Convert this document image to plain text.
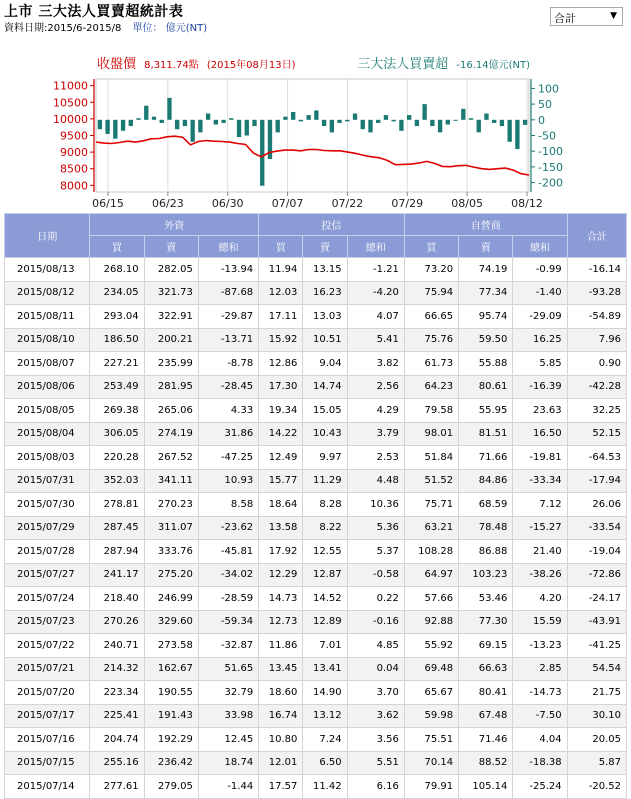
上市 三大法人買賣超統計表
資料日期:2015/6-2015/8 單位： 億元(NT)
合計	▼
11000
10500
10000
9500
9000
8500
8000
100
50
0
-50
-100
-150
-200
06/15	06/23	06/30	07/07	07/22	07/29	08/05	08/12
收盤價 8,311.74點 (2015年08月13日)	三大法人買賣超 -16.14億元(NT)
日期	外資			投信			自營商			合計
	買	賣	總和	買	賣	總和	買	賣	總和	
2015/08/13	268.10	282.05	-13.94	11.94	13.15	-1.21	73.20	74.19	-0.99	-16.14
2015/08/12	234.05	321.73	-87.68	12.03	16.23	-4.20	75.94	77.34	-1.40	-93.28
2015/08/11	293.04	322.91	-29.87	17.11	13.03	4.07	66.65	95.74	-29.09	-54.89
2015/08/10	186.50	200.21	-13.71	15.92	10.51	5.41	75.76	59.50	16.25	7.96
2015/08/07	227.21	235.99	-8.78	12.86	9.04	3.82	61.73	55.88	5.85	0.90
2015/08/06	253.49	281.95	-28.45	17.30	14.74	2.56	64.23	80.61	-16.39	-42.28
2015/08/05	269.38	265.06	4.33	19.34	15.05	4.29	79.58	55.95	23.63	32.25
2015/08/04	306.05	274.19	31.86	14.22	10.43	3.79	98.01	81.51	16.50	52.15
2015/08/03	220.28	267.52	-47.25	12.49	9.97	2.53	51.84	71.66	-19.81	-64.53
2015/07/31	352.03	341.11	10.93	15.77	11.29	4.48	51.52	84.86	-33.34	-17.94
2015/07/30	278.81	270.23	8.58	18.64	8.28	10.36	75.71	68.59	7.12	26.06
2015/07/29	287.45	311.07	-23.62	13.58	8.22	5.36	63.21	78.48	-15.27	-33.54
2015/07/28	287.94	333.76	-45.81	17.92	12.55	5.37	108.28	86.88	21.40	-19.04
2015/07/27	241.17	275.20	-34.02	12.29	12.87	-0.58	64.97	103.23	-38.26	-72.86
2015/07/24	218.40	246.99	-28.59	14.73	14.52	0.22	57.66	53.46	4.20	-24.17
2015/07/23	270.26	329.60	-59.34	12.73	12.89	-0.16	92.88	77.30	15.59	-43.91
2015/07/22	240.71	273.58	-32.87	11.86	7.01	4.85	55.92	69.15	-13.23	-41.25
2015/07/21	214.32	162.67	51.65	13.45	13.41	0.04	69.48	66.63	2.85	54.54
2015/07/20	223.34	190.55	32.79	18.60	14.90	3.70	65.67	80.41	-14.73	21.75
2015/07/17	225.41	191.43	33.98	16.74	13.12	3.62	59.98	67.48	-7.50	30.10
2015/07/16	204.74	192.29	12.45	10.80	7.24	3.56	75.51	71.46	4.04	20.05
2015/07/15	255.16	236.42	18.74	12.01	6.50	5.51	70.14	88.52	-18.38	5.87
2015/07/14	277.61	279.05	-1.44	17.57	11.42	6.16	79.91	105.14	-25.24	-20.52
